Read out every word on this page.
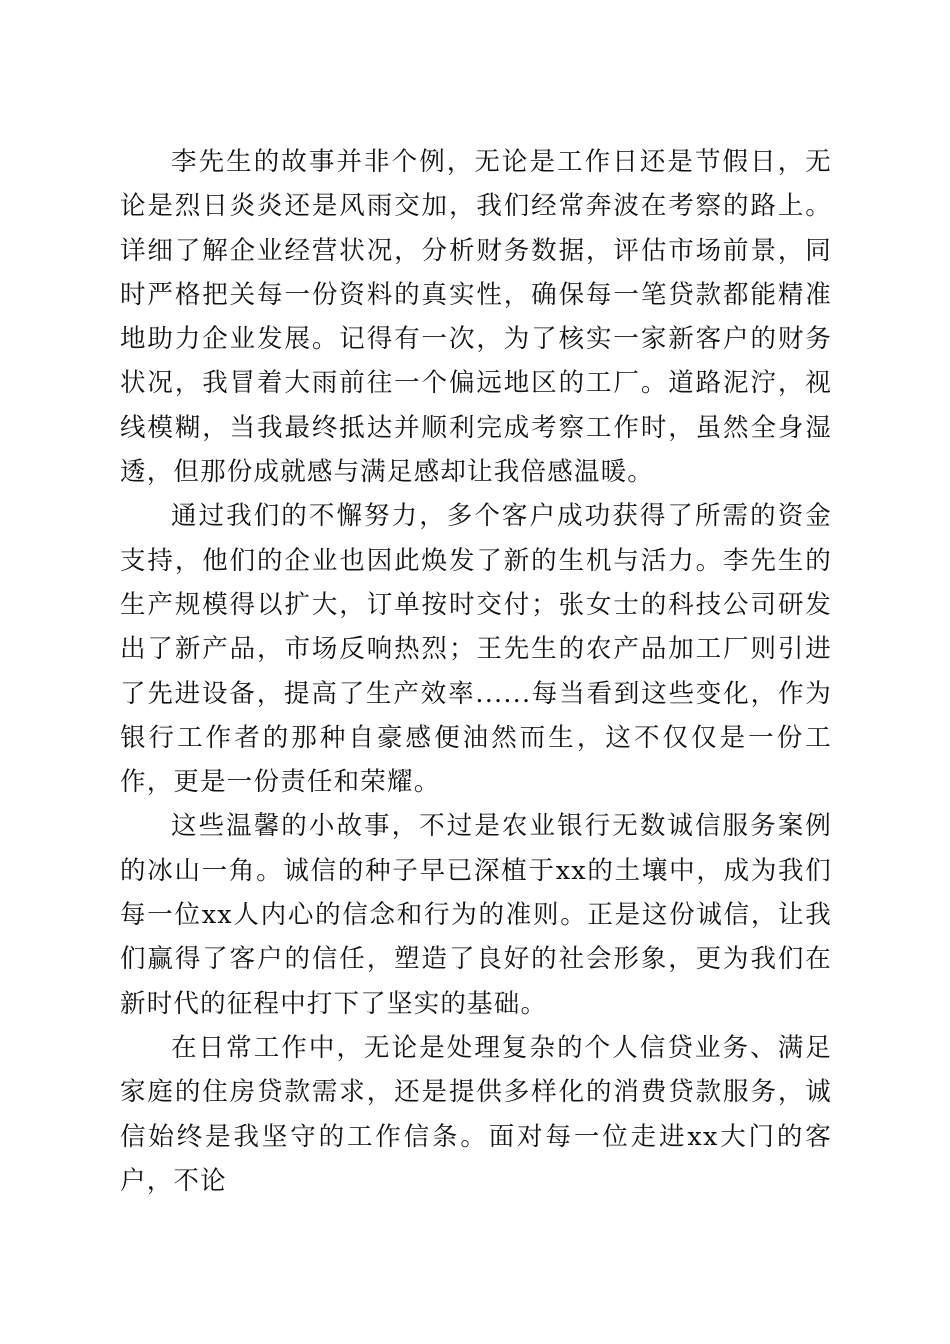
李先生的故事并非个例，无论是工作日还是节假日，无论是烈日炎炎还是风雨交加，我们经常奔波在考察的路上。详细了解企业经营状况，分析财务数据，评估市场前景，同时严格把关每一份资料的真实性，确保每一笔贷款都能精准地助力企业发展。记得有一次，为了核实一家新客户的财务状况，我冒着大雨前往一个偏远地区的工厂。道路泥泞，视线模糊，当我最终抵达并顺利完成考察工作时，虽然全身湿透，但那份成就感与满足感却让我倍感温暖。

通过我们的不懈努力，多个客户成功获得了所需的资金支持，他们的企业也因此焕发了新的生机与活力。李先生的生产规模得以扩大，订单按时交付；张女士的科技公司研发出了新产品，市场反响热烈；王先生的农产品加工厂则引进了先进设备，提高了生产效率......每当看到这些变化，作为银行工作者的那种自豪感便油然而生，这不仅仅是一份工作，更是一份责任和荣耀。

这些温馨的小故事，不过是农业银行无数诚信服务案例的冰山一角。诚信的种子早已深植于xx的土壤中，成为我们每一位xx人内心的信念和行为的准则。正是这份诚信，让我们赢得了客户的信任，塑造了良好的社会形象，更为我们在新时代的征程中打下了坚实的基础。

在日常工作中，无论是处理复杂的个人信贷业务、满足家庭的住房贷款需求，还是提供多样化的消费贷款服务，诚信始终是我坚守的工作信条。面对每一位走进xx大门的客户，不论
